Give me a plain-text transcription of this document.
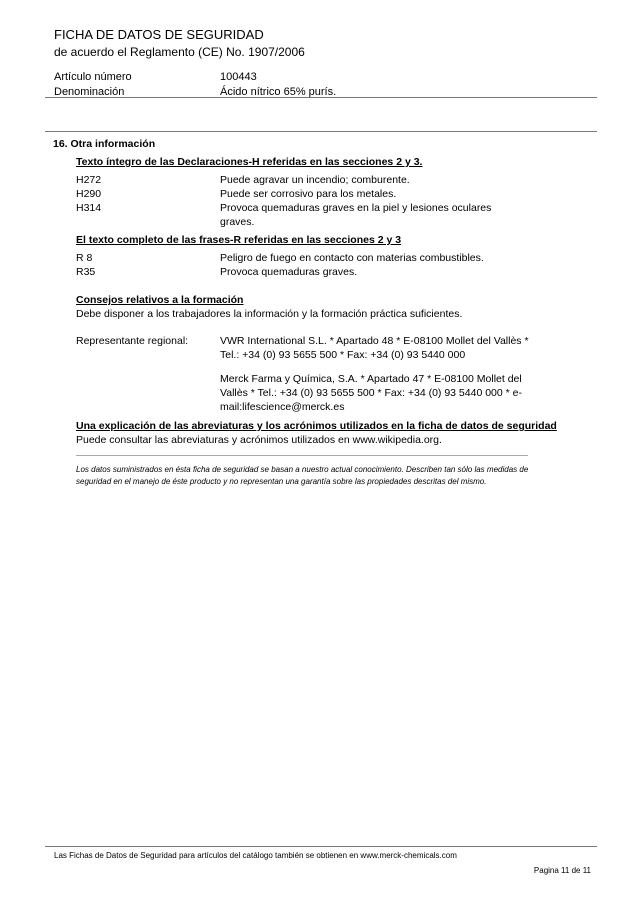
FICHA DE DATOS DE SEGURIDAD
de acuerdo el Reglamento (CE) No. 1907/2006
Artículo número	100443
Denominación	Ácido nítrico 65% purís.
16. Otra información
Texto íntegro de las Declaraciones-H referidas en las secciones 2 y 3.
H272	Puede agravar un incendio; comburente.
H290	Puede ser corrosivo para los metales.
H314	Provoca quemaduras graves en la piel y lesiones oculares
graves.
El texto completo de las frases-R referidas en las secciones 2 y 3
R 8	Peligro de fuego en contacto con materias combustibles.
R35	Provoca quemaduras graves.
Consejos relativos a la formación
Debe disponer a los trabajadores la información y la formación práctica suficientes.
Representante regional:	VWR International S.L. * Apartado 48 * E-08100 Mollet del Vallès *
Tel.: +34 (0) 93 5655 500 * Fax: +34 (0) 93 5440 000
Merck Farma y Química, S.A. * Apartado 47 * E-08100 Mollet del
Vallès * Tel.: +34 (0) 93 5655 500 * Fax: +34 (0) 93 5440 000 * e-
mail:lifescience@merck.es
Una explicación de las abreviaturas y los acrónimos utilizados en la ficha de datos de seguridad
Puede consultar las abreviaturas y acrónimos utilizados en www.wikipedia.org.
Los datos suministrados en ésta ficha de seguridad se basan a nuestro actual conocimiento. Describen tan sólo las medidas de seguridad en el manejo de éste producto y no representan una garantía sobre las propiedades descritas del mismo.
Las Fichas de Datos de Seguridad para artículos del catálogo también se obtienen en www.merck-chemicals.com
Pagina 11 de 11
